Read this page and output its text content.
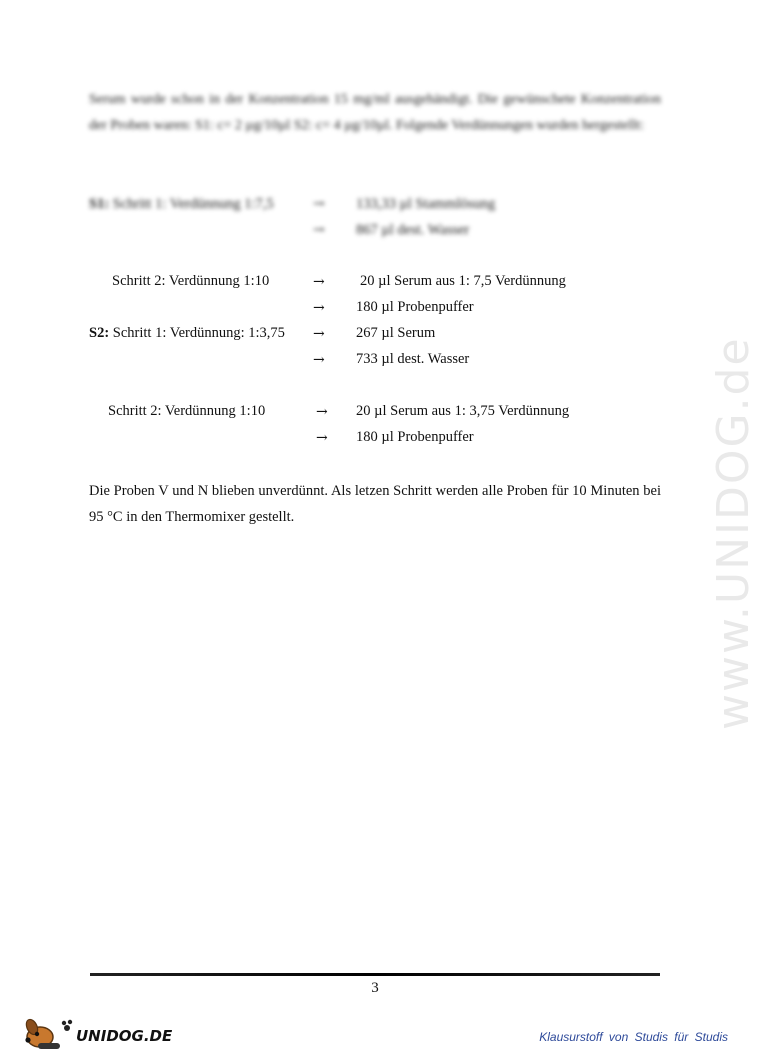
www.UNIDOG.de
Serum wurde schon in der Konzentration 15 mg/ml ausgehändigt. Die gewünschete Konzentration der Proben waren: S1: c= 2 µg/10µl S2: c= 4 µg/10µl. Folgende Verdünnungen wurden hergestellt:
S1: Schritt 1: Verdünnung 1:7,5	→ 133,33 µl Stammlösung
→ 867 µl dest. Wasser
Schritt 2: Verdünnung 1:10	→ 20 µl Serum aus 1: 7,5 Verdünnung
→ 180 µl Probenpuffer
S2: Schritt 1: Verdünnung: 1:3,75 → 267 µl Serum
→ 733 µl dest. Wasser
Schritt 2: Verdünnung 1:10	→ 20 µl Serum aus 1: 3,75 Verdünnung
→ 180 µl Probenpuffer
Die Proben V und N blieben unverdünnt. Als letzen Schritt werden alle Proben für 10 Minuten bei 95 °C in den Thermomixer gestellt.
3
UNIDOG.DE	Klausurstoff von Studis für Studis
